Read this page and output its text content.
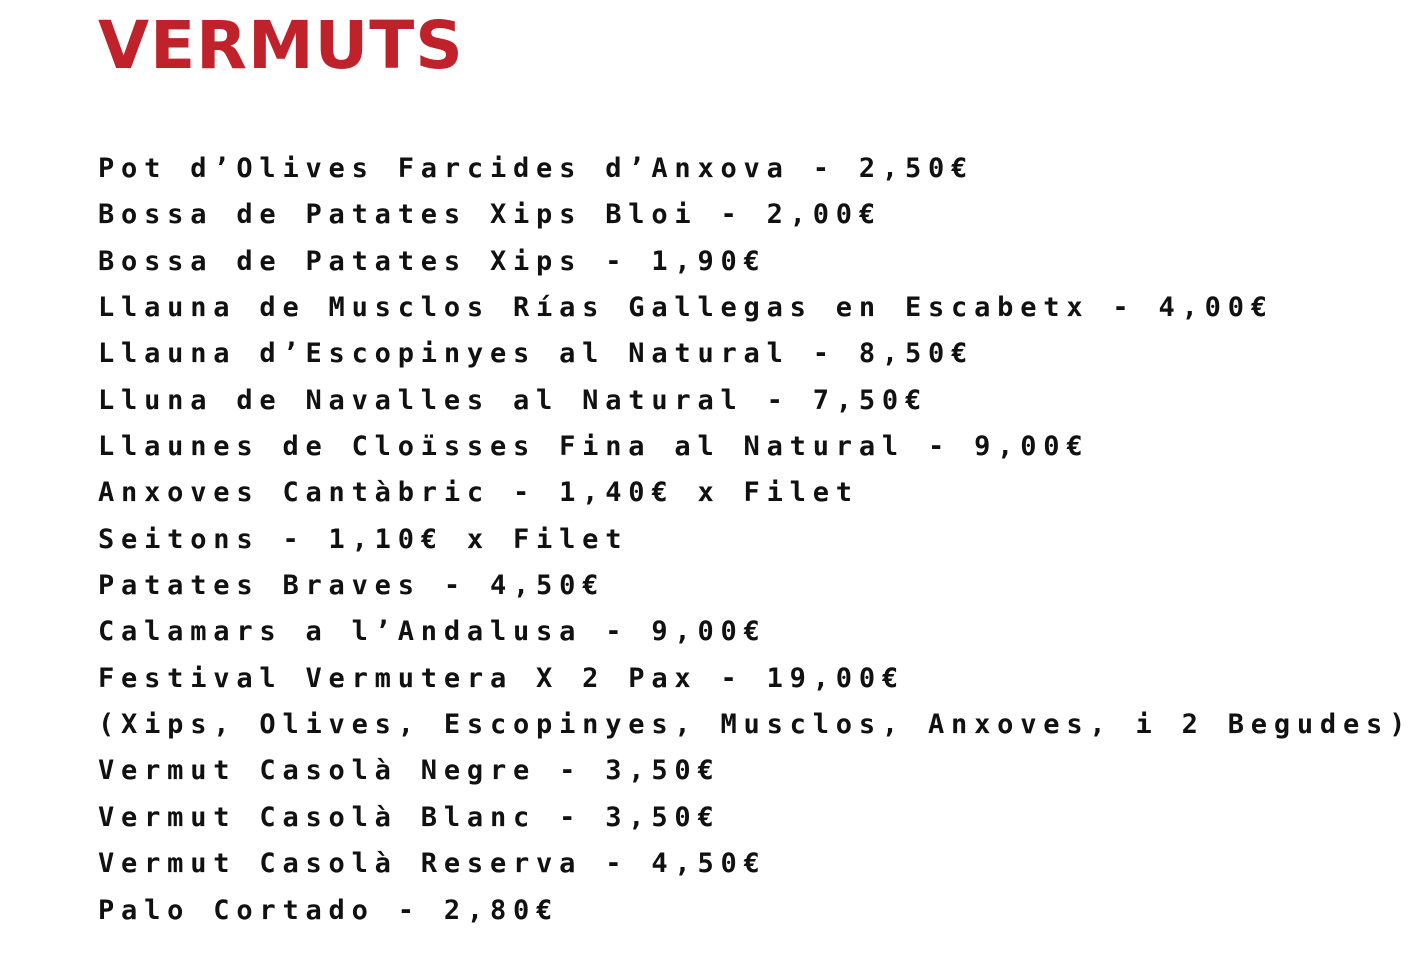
VERMUTS
Pot d’Olives Farcides d’Anxova - 2,50€
Bossa de Patates Xips Bloi - 2,00€
Bossa de Patates Xips - 1,90€
Llauna de Musclos Rías Gallegas en Escabetx - 4,00€
Llauna d’Escopinyes al Natural - 8,50€
Lluna de Navalles al Natural - 7,50€
Llaunes de Cloïsses Fina al Natural - 9,00€
Anxoves Cantàbric - 1,40€ x Filet
Seitons - 1,10€ x Filet
Patates Braves - 4,50€
Calamars a l’Andalusa - 9,00€
Festival Vermutera X 2 Pax - 19,00€
(Xips, Olives, Escopinyes, Musclos, Anxoves, i 2 Begudes)
Vermut Casolà Negre - 3,50€
Vermut Casolà Blanc - 3,50€
Vermut Casolà Reserva - 4,50€
Palo Cortado - 2,80€
